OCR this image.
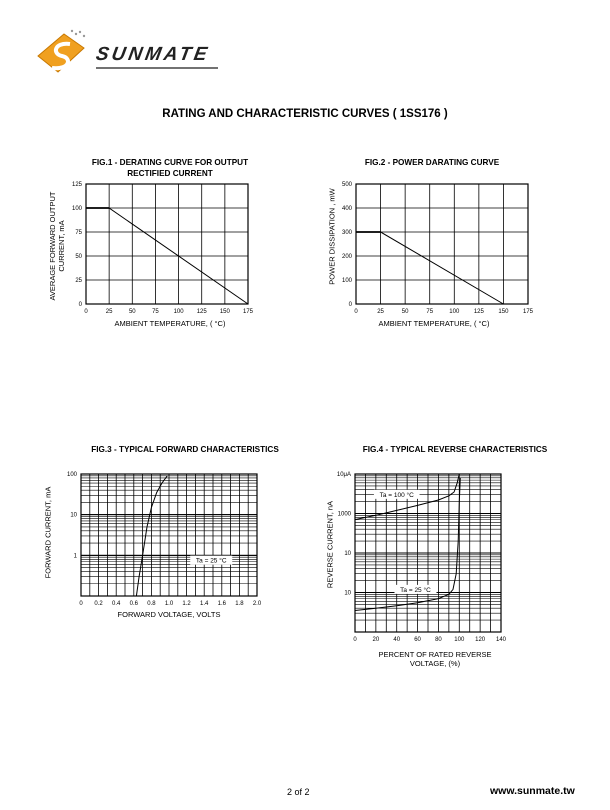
SUNMATE
RATING AND CHARACTERISTIC CURVES ( 1SS176 )
FIG.1 - DERATING CURVE FOR OUTPUT
RECTIFIED CURRENT
AVERAGE FORWARD OUTPUT CURRENT, mA
0	25	50	75 100 125 150 175
0
25
50
75
100
125
AMBIENT TEMPERATURE, ( °C)
FIG.2 - POWER DARATING CURVE
POWER DISSIPATION , mW
0	25	50	75	100 125 150 175
0
100
200
300
400
500
AMBIENT TEMPERATURE, ( °C)
FIG.3 - TYPICAL FORWARD CHARACTERISTICS
FORWARD CURRENT, mA
0 0.2 0.4 0.6 0.8 1.0 1.2 1.4 1.6 1.8 2.0
1
10
100
Ta = 25 °C
FORWARD VOLTAGE, VOLTS
FIG.4 - TYPICAL REVERSE CHARACTERISTICS
REVERSE CURRENT, nA
0	20 40 60 80 100 120 140
10
10
1000
10μA
Ta = 100 °C
Ta = 25 °C
PERCENT OF RATED REVERSE
VOLTAGE, (%)
2 of 2	www.sunmate.tw
